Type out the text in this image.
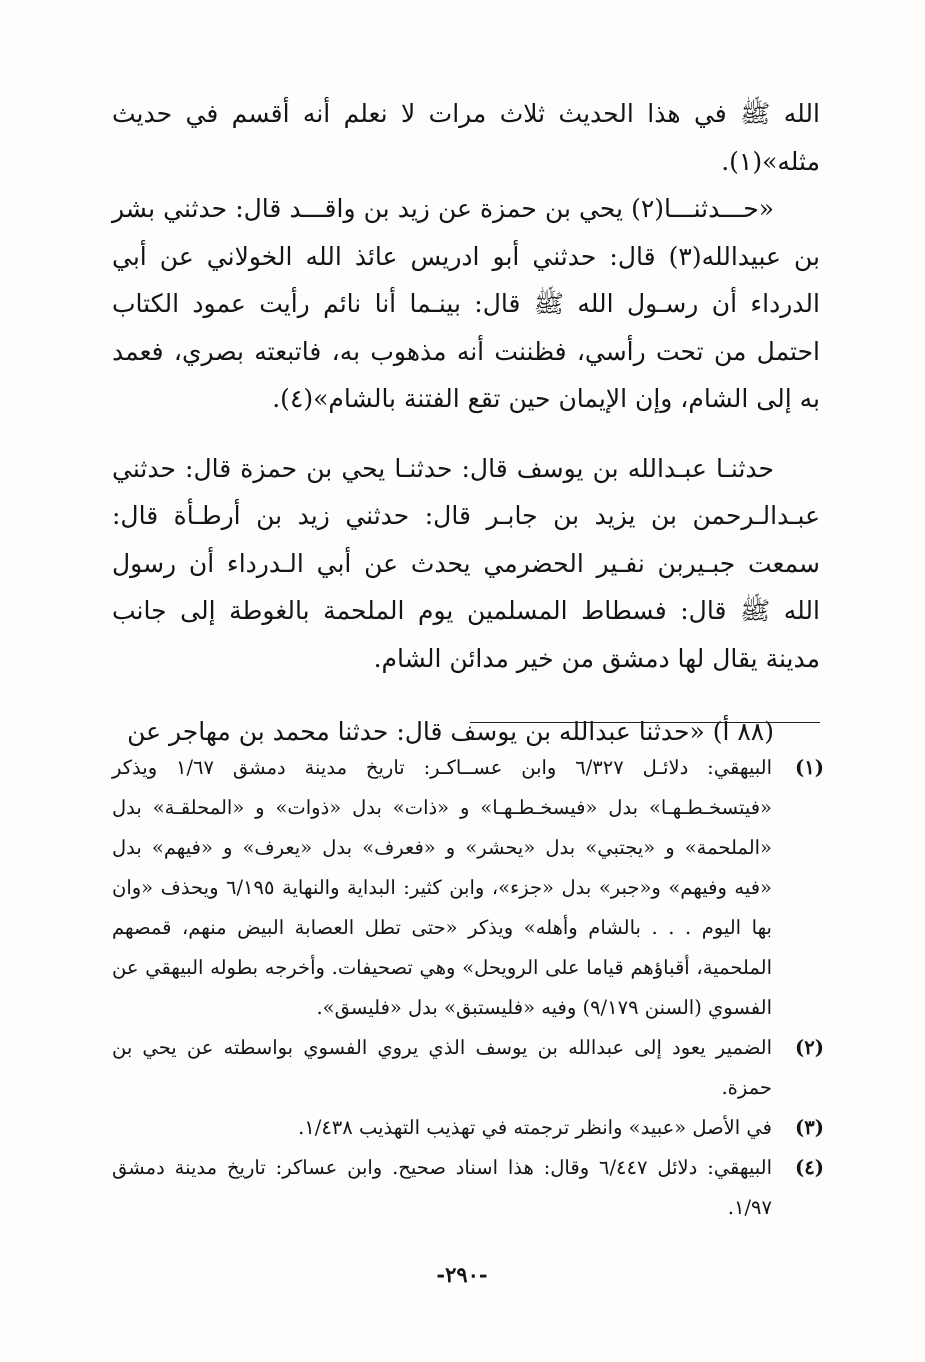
الله ﷺ في هذا الحديث ثلاث مرات لا نعلم أنه أقسم في حديث مثله»(١).

«حـــدثنـــا(٢) يحي بن حمزة عن زيد بن واقـــد قال: حدثني بشر بن عبيدالله(٣) قال: حدثني أبو ادريس عائذ الله الخولاني عن أبي الدرداء أن رسـول الله ﷺ قال: بينـما أنا نائم رأيت عمود الكتاب احتمل من تحت رأسي، فظننت أنه مذهوب به، فاتبعته بصري، فعمد به إلى الشام، وإن الإيمان حين تقع الفتنة بالشام»(٤).

حدثنـا عبـدالله بن يوسف قال: حدثنـا يحي بن حمزة قال: حدثني عبـدالـرحمن بن يزيد بن جابـر قال: حدثني زيد بن أرطـأة قال: سمعت جبـيربن نفـير الحضرمي يحدث عن أبي الـدرداء أن رسول الله ﷺ قال: فسطاط المسلمين يوم الملحمة بالغوطة إلى جانب مدينة يقال لها دمشق من خير مدائن الشام.

(٨٨ أ) «حدثنا عبدالله بن يوسف قال: حدثنا محمد بن مهاجر عن

(١)
البيهقي: دلائـل ٦/٣٢٧ وابن عســاكـر: تاريخ مدينة دمشق ١/٦٧ ويذكر «فيتسخـطـهـا» بدل «فيسخـطـهـا» و «ذات» بدل «ذوات» و «المحلقـة» بدل «الملحمة» و «يجتبي» بدل «يحشر» و «فعرف» بدل «يعرف» و «فيهم» بدل «فيه وفيهم» و«جبر» بدل «جزء»، وابن كثير: البداية والنهاية ٦/١٩٥ ويحذف «وان بها اليوم . . . بالشام وأهله» ويذكر «حتى تطل العصابة البيض منهم، قمصهم الملحمية، أقباؤهم قياما على الرويحل» وهي تصحيفات. وأخرجه بطوله البيهقي عن الفسوي (السنن ٩/١٧٩) وفيه «فليستبق» بدل «فليسق».
(٢)
الضمير يعود إلى عبدالله بن يوسف الذي يروي الفسوي بواسطته عن يحي بن حمزة.
(٣)
في الأصل «عبيد» وانظر ترجمته في تهذيب التهذيب ١/٤٣٨.
(٤)
البيهقي: دلائل ٦/٤٤٧ وقال: هذا اسناد صحيح. وابن عساكر: تاريخ مدينة دمشق ١/٩٧.
-٢٩٠-
